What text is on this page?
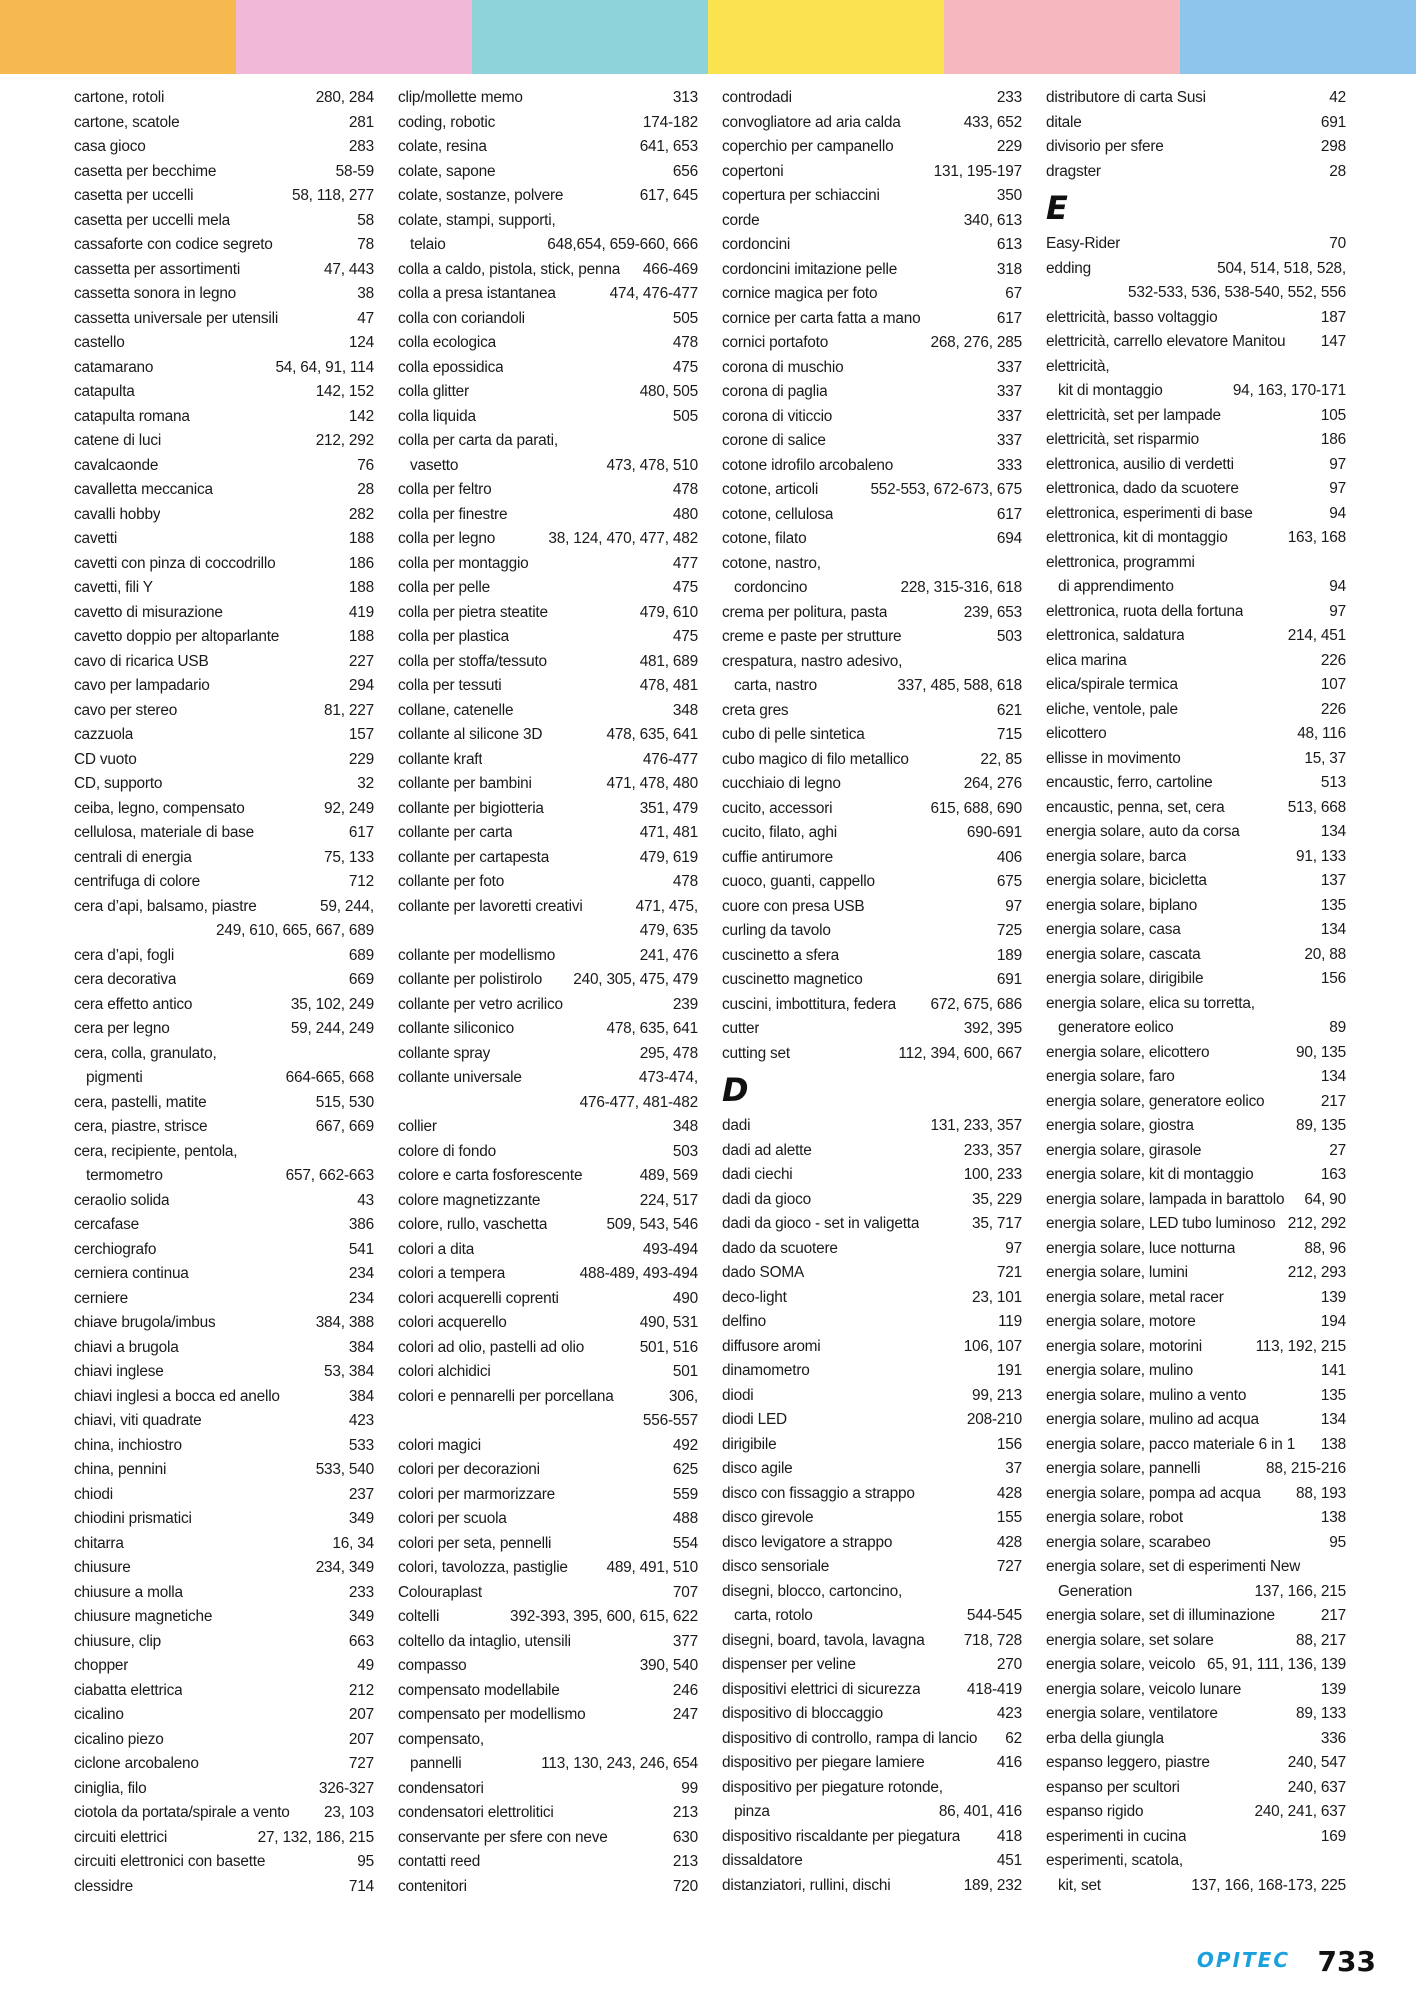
cartone, rotoli	280, 284
cartone, scatole	281
casa gioco	283
casetta per becchime	58-59
casetta per uccelli	58, 118, 277
casetta per uccelli mela	58
cassaforte con codice segreto	78
cassetta per assortimenti	47, 443
cassetta sonora in legno	38
cassetta universale per utensili	47
castello	124
catamarano	54, 64, 91, 114
catapulta	142, 152
catapulta romana	142
catene di luci	212, 292
cavalcaonde	76
cavalletta meccanica	28
cavalli hobby	282
cavetti	188
cavetti con pinza di coccodrillo	186
cavetti, fili Y	188
cavetto di misurazione	419
cavetto doppio per altoparlante	188
cavo di ricarica USB	227
cavo per lampadario	294
cavo per stereo	81, 227
cazzuola	157
CD vuoto	229
CD, supporto	32
ceiba, legno, compensato	92, 249
cellulosa, materiale di base	617
centrali di energia	75, 133
centrifuga di colore	712
cera d’api, balsamo, piastre	59, 244,
249, 610, 665, 667, 689
cera d’api, fogli	689
cera decorativa	669
cera effetto antico	35, 102, 249
cera per legno	59, 244, 249
cera, colla, granulato,
pigmenti	664-665, 668
cera, pastelli, matite	515, 530
cera, piastre, strisce	667, 669
cera, recipiente, pentola,
termometro	657, 662-663
ceraolio solida	43
cercafase	386
cerchiografo	541
cerniera continua	234
cerniere	234
chiave brugola/imbus	384, 388
chiavi a brugola	384
chiavi inglese	53, 384
chiavi inglesi a bocca ed anello	384
chiavi, viti quadrate	423
china, inchiostro	533
china, pennini	533, 540
chiodi	237
chiodini prismatici	349
chitarra	16, 34
chiusure	234, 349
chiusure a molla	233
chiusure magnetiche	349
chiusure, clip	663
chopper	49
ciabatta elettrica	212
cicalino	207
cicalino piezo	207
ciclone arcobaleno	727
ciniglia, filo	326-327
ciotola da portata/spirale a vento	23, 103
circuiti elettrici	27, 132, 186, 215
circuiti elettronici con basette	95
clessidre	714
clip/mollette memo	313
coding, robotic	174-182
colate, resina	641, 653
colate, sapone	656
colate, sostanze, polvere	617, 645
colate, stampi, supporti,
telaio	648,654, 659-660, 666
colla a caldo, pistola, stick, penna	466-469
colla a presa istantanea	474, 476-477
colla con coriandoli	505
colla ecologica	478
colla epossidica	475
colla glitter	480, 505
colla liquida	505
colla per carta da parati,
vasetto	473, 478, 510
colla per feltro	478
colla per finestre	480
colla per legno	38, 124, 470, 477, 482
colla per montaggio	477
colla per pelle	475
colla per pietra steatite	479, 610
colla per plastica	475
colla per stoffa/tessuto	481, 689
colla per tessuti	478, 481
collane, catenelle	348
collante al silicone 3D	478, 635, 641
collante kraft	476-477
collante per bambini	471, 478, 480
collante per bigiotteria	351, 479
collante per carta	471, 481
collante per cartapesta	479, 619
collante per foto	478
collante per lavoretti creativi	471, 475,
479, 635
collante per modellismo	241, 476
collante per polistirolo	240, 305, 475, 479
collante per vetro acrilico	239
collante siliconico	478, 635, 641
collante spray	295, 478
collante universale	473-474,
476-477, 481-482
collier	348
colore di fondo	503
colore e carta fosforescente	489, 569
colore magnetizzante	224, 517
colore, rullo, vaschetta	509, 543, 546
colori a dita	493-494
colori a tempera	488-489, 493-494
colori acquerelli coprenti	490
colori acquerello	490, 531
colori ad olio, pastelli ad olio	501, 516
colori alchidici	501
colori e pennarelli per porcellana	306,
556-557
colori magici	492
colori per decorazioni	625
colori per marmorizzare	559
colori per scuola	488
colori per seta, pennelli	554
colori, tavolozza, pastiglie	489, 491, 510
Colouraplast	707
coltelli	392-393, 395, 600, 615, 622
coltello da intaglio, utensili	377
compasso	390, 540
compensato modellabile	246
compensato per modellismo	247
compensato,
pannelli	113, 130, 243, 246, 654
condensatori	99
condensatori elettrolitici	213
conservante per sfere con neve	630
contatti reed	213
contenitori	720
controdadi	233
convogliatore ad aria calda	433, 652
coperchio per campanello	229
copertoni	131, 195-197
copertura per schiaccini	350
corde	340, 613
cordoncini	613
cordoncini imitazione pelle	318
cornice magica per foto	67
cornice per carta fatta a mano	617
cornici portafoto	268, 276, 285
corona di muschio	337
corona di paglia	337
corona di viticcio	337
corone di salice	337
cotone idrofilo arcobaleno	333
cotone, articoli	552-553, 672-673, 675
cotone, cellulosa	617
cotone, filato	694
cotone, nastro,
cordoncino	228, 315-316, 618
crema per politura, pasta	239, 653
creme e paste per strutture	503
crespatura, nastro adesivo,
carta, nastro	337, 485, 588, 618
creta gres	621
cubo di pelle sintetica	715
cubo magico di filo metallico	22, 85
cucchiaio di legno	264, 276
cucito, accessori	615, 688, 690
cucito, filato, aghi	690-691
cuffie antirumore	406
cuoco, guanti, cappello	675
cuore con presa USB	97
curling da tavolo	725
cuscinetto a sfera	189
cuscinetto magnetico	691
cuscini, imbottitura, federa	672, 675, 686
cutter	392, 395
cutting set	112, 394, 600, 667
D
dadi	131, 233, 357
dadi ad alette	233, 357
dadi ciechi	100, 233
dadi da gioco	35, 229
dadi da gioco - set in valigetta	35, 717
dado da scuotere	97
dado SOMA	721
deco-light	23, 101
delfino	119
diffusore aromi	106, 107
dinamometro	191
diodi	99, 213
diodi LED	208-210
dirigibile	156
disco agile	37
disco con fissaggio a strappo	428
disco girevole	155
disco levigatore a strappo	428
disco sensoriale	727
disegni, blocco, cartoncino,
carta, rotolo	544-545
disegni, board, tavola, lavagna	718, 728
dispenser per veline	270
dispositivi elettrici di sicurezza	418-419
dispositivo di bloccaggio	423
dispositivo di controllo, rampa di lancio	62
dispositivo per piegare lamiere	416
dispositivo per piegature rotonde,
pinza	86, 401, 416
dispositivo riscaldante per piegatura	418
dissaldatore	451
distanziatori, rullini, dischi	189, 232
distributore di carta Susi	42
ditale	691
divisorio per sfere	298
dragster	28
E
Easy-Rider	70
edding	504, 514, 518, 528,
532-533, 536, 538-540, 552, 556
elettricità, basso voltaggio	187
elettricità, carrello elevatore Manitou	147
elettricità,
kit di montaggio	94, 163, 170-171
elettricità, set per lampade	105
elettricità, set risparmio	186
elettronica, ausilio di verdetti	97
elettronica, dado da scuotere	97
elettronica, esperimenti di base	94
elettronica, kit di montaggio	163, 168
elettronica, programmi
di apprendimento	94
elettronica, ruota della fortuna	97
elettronica, saldatura	214, 451
elica marina	226
elica/spirale termica	107
eliche, ventole, pale	226
elicottero	48, 116
ellisse in movimento	15, 37
encaustic, ferro, cartoline	513
encaustic, penna, set, cera	513, 668
energia solare, auto da corsa	134
energia solare, barca	91, 133
energia solare, bicicletta	137
energia solare, biplano	135
energia solare, casa	134
energia solare, cascata	20, 88
energia solare, dirigibile	156
energia solare, elica su torretta,
generatore eolico	89
energia solare, elicottero	90, 135
energia solare, faro	134
energia solare, generatore eolico	217
energia solare, giostra	89, 135
energia solare, girasole	27
energia solare, kit di montaggio	163
energia solare, lampada in barattolo	64, 90
energia solare, LED tubo luminoso 212, 292
energia solare, luce notturna	88, 96
energia solare, lumini	212, 293
energia solare, metal racer	139
energia solare, motore	194
energia solare, motorini	113, 192, 215
energia solare, mulino	141
energia solare, mulino a vento	135
energia solare, mulino ad acqua	134
energia solare, pacco materiale 6 in 1	138
energia solare, pannelli	88, 215-216
energia solare, pompa ad acqua	88, 193
energia solare, robot	138
energia solare, scarabeo	95
energia solare, set di esperimenti New
Generation	137, 166, 215
energia solare, set di illuminazione	217
energia solare, set solare	88, 217
energia solare, veicolo 65, 91, 111, 136, 139
energia solare, veicolo lunare	139
energia solare, ventilatore	89, 133
erba della giungla	336
espanso leggero, piastre	240, 547
espanso per scultori	240, 637
espanso rigido	240, 241, 637
esperimenti in cucina	169
esperimenti, scatola,
kit, set	137, 166, 168-173, 225
OPITEC 733
